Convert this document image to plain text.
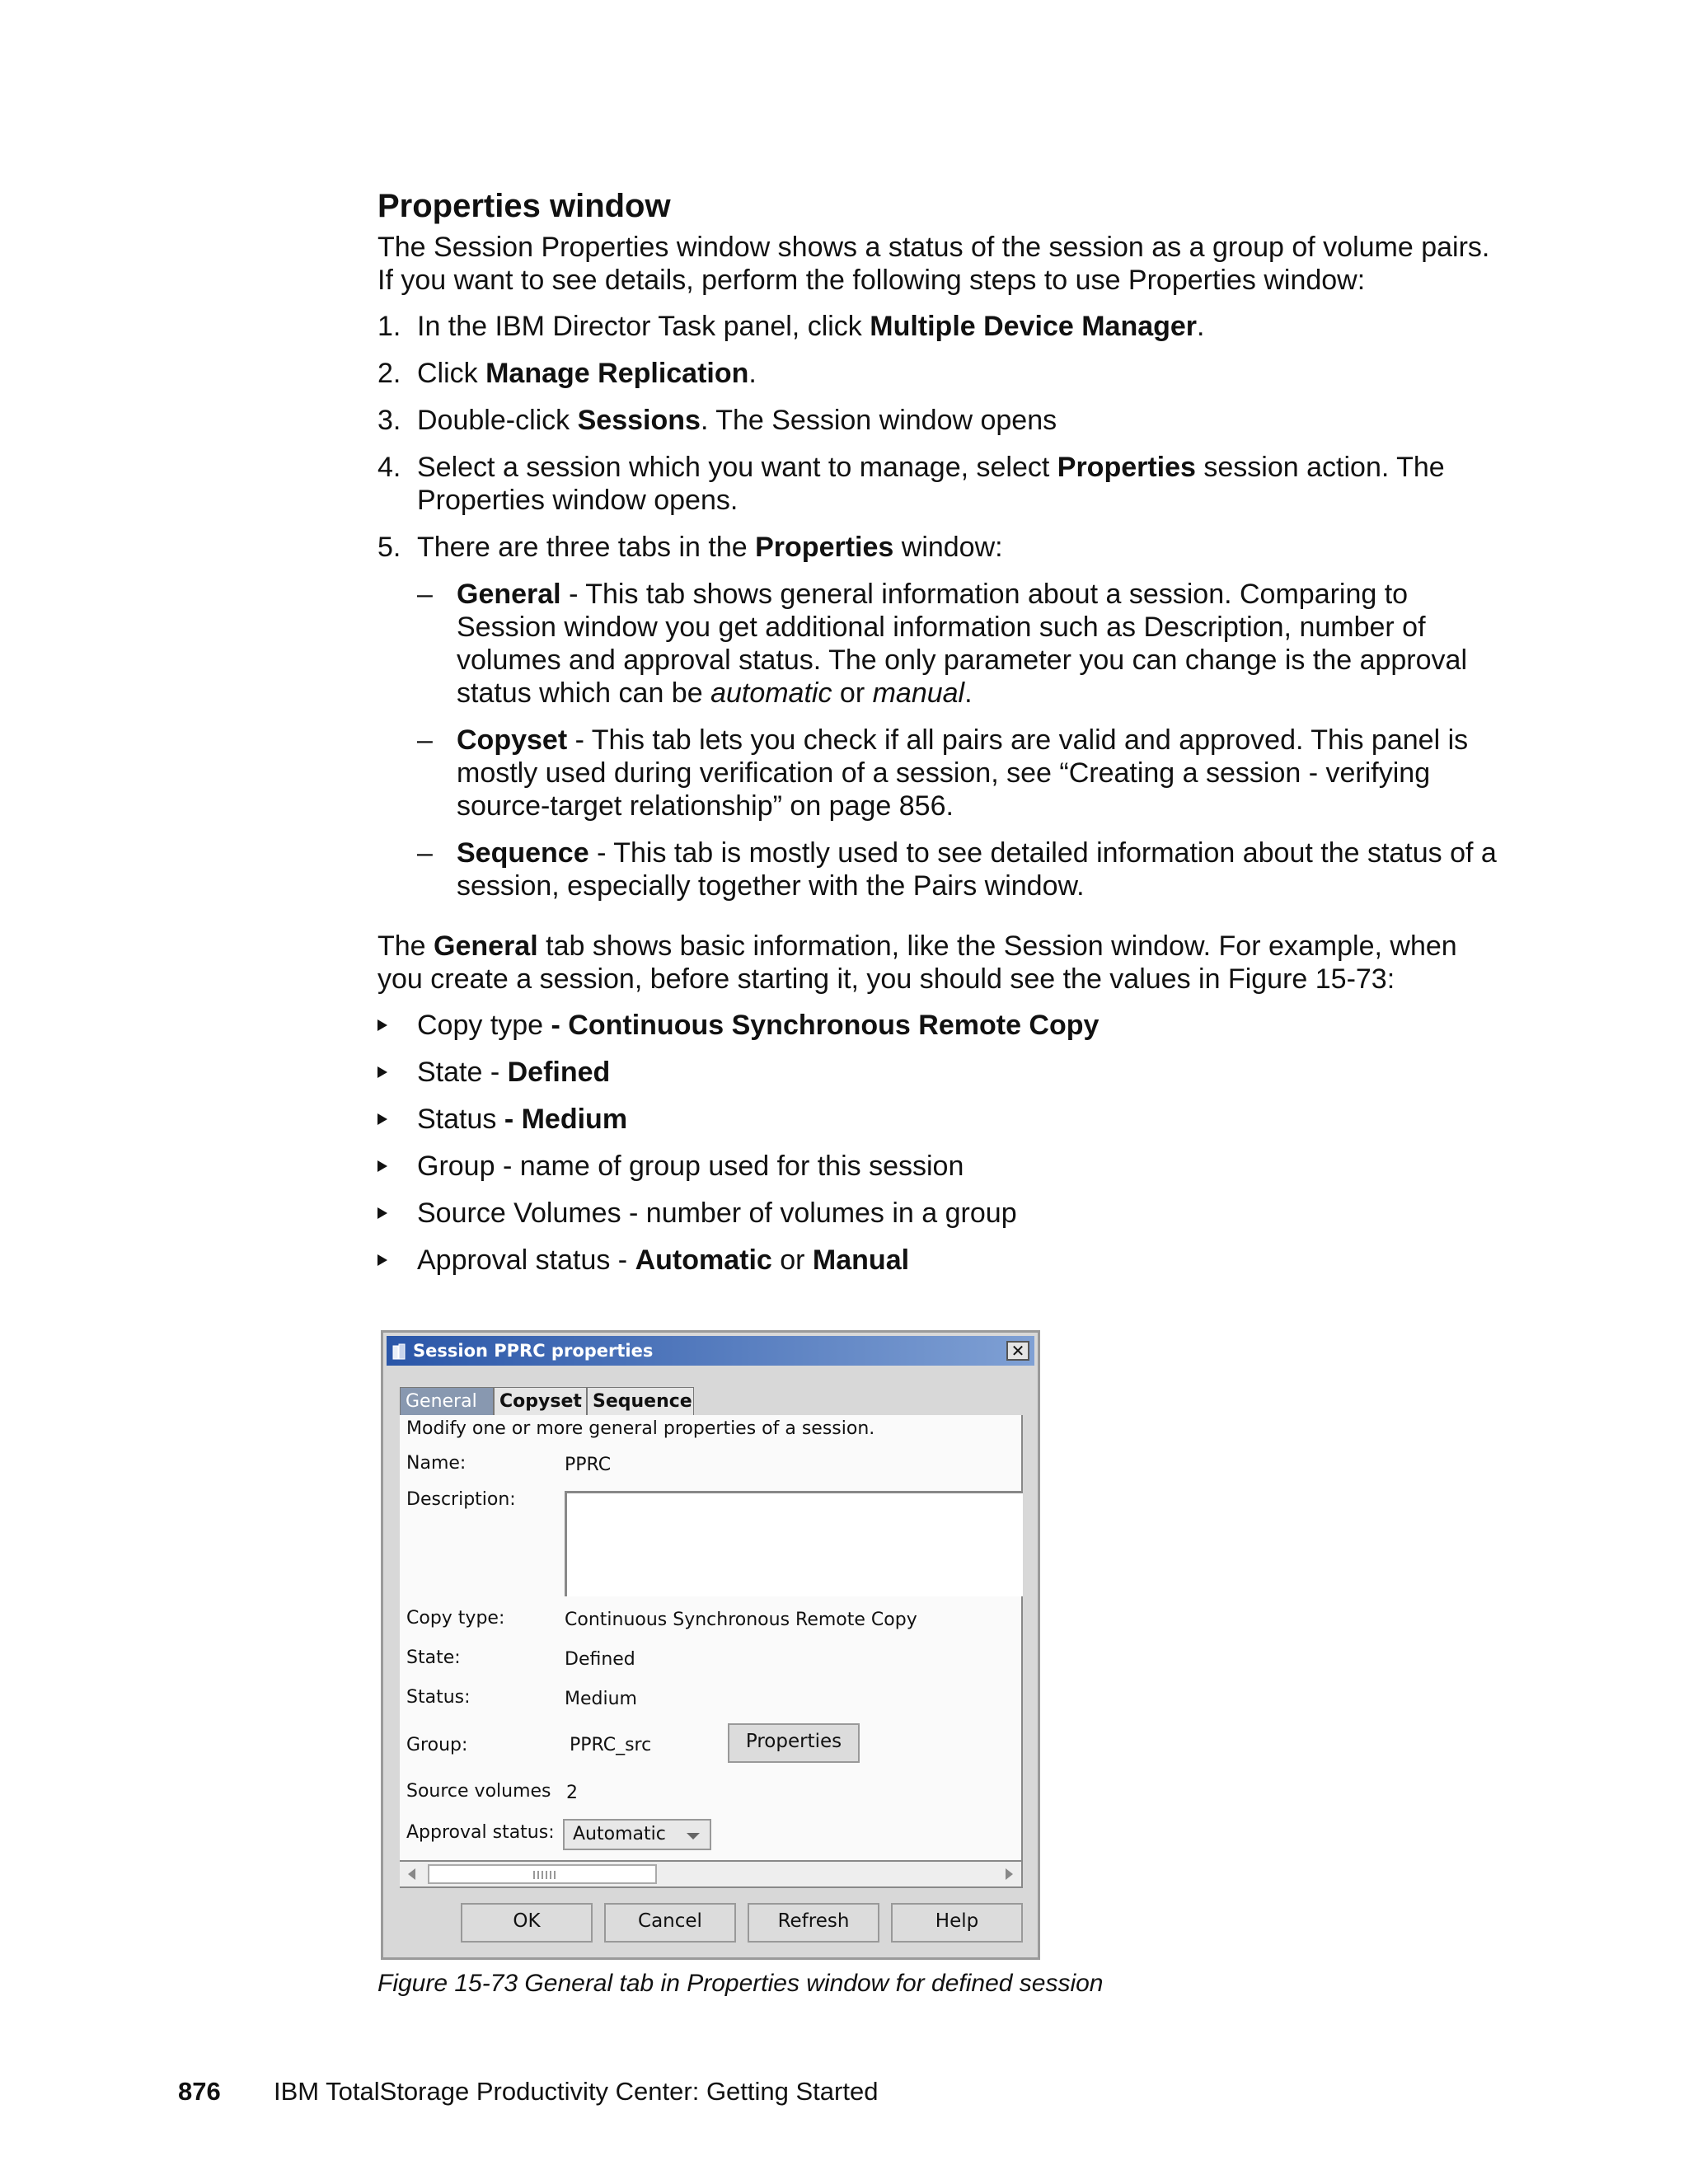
Properties window

The Session Properties window shows a status of the session as a group of volume pairs. If you want to see details, perform the following steps to use Properties window:

1. In the IBM Director Task panel, click Multiple Device Manager.
2. Click Manage Replication.
3. Double-click Sessions. The Session window opens
4. Select a session which you want to manage, select Properties session action. The Properties window opens.
5. There are three tabs in the Properties window:
– General - This tab shows general information about a session. Comparing to Session window you get additional information such as Description, number of volumes and approval status. The only parameter you can change is the approval status which can be automatic or manual.
– Copyset - This tab lets you check if all pairs are valid and approved. This panel is mostly used during verification of a session, see “Creating a session - verifying source-target relationship” on page 856.
– Sequence - This tab is mostly used to see detailed information about the status of a session, especially together with the Pairs window.

The General tab shows basic information, like the Session window. For example, when you create a session, before starting it, you should see the values in Figure 15-73:

Copy type - Continuous Synchronous Remote Copy
State - Defined
Status - Medium
Group - name of group used for this session
Source Volumes - number of volumes in a group
Approval status - Automatic or Manual
Session PPRC properties	✕
General	Copyset Sequence
Modify one or more general properties of a session.
Name:	PPRC
Description:
Copy type:	Continuous Synchronous Remote Copy
State:	Defined
Status:	Medium
Group:	PPRC_src	Properties
Source volumes 2
Approval status:	Automatic
OK	Cancel	Refresh	Help
Figure 15-73 General tab in Properties window for defined session
876 IBM TotalStorage Productivity Center: Getting Started
